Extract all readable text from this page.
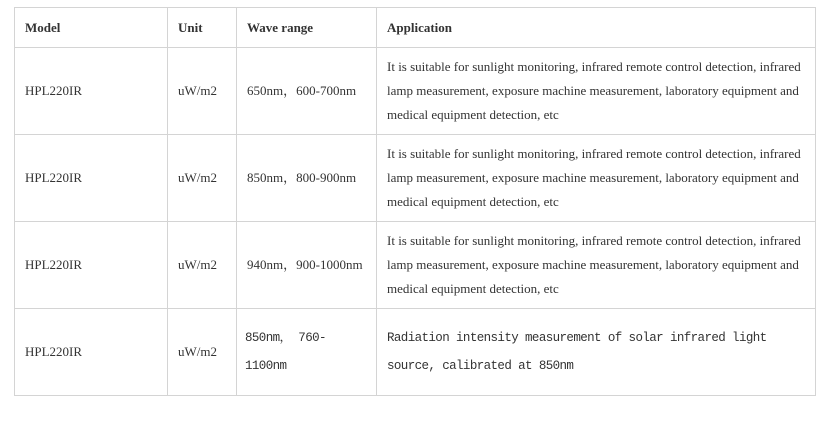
Model	Unit	Wave range	Application
HPL220IR	uW/m2	650nm，600-700nm	It is suitable for sunlight monitoring, infrared remote control detection, infrared lamp measurement, exposure machine measurement, laboratory equipment and medical equipment detection, etc
HPL220IR	uW/m2	850nm，800-900nm	It is suitable for sunlight monitoring, infrared remote control detection, infrared lamp measurement, exposure machine measurement, laboratory equipment and medical equipment detection, etc
HPL220IR	uW/m2	940nm，900-1000nm	It is suitable for sunlight monitoring, infrared remote control detection, infrared lamp measurement, exposure machine measurement, laboratory equipment and medical equipment detection, etc
HPL220IR	uW/m2	850nm， 760-1100nm	Radiation intensity measurement of solar infrared light source, calibrated at 850nm
